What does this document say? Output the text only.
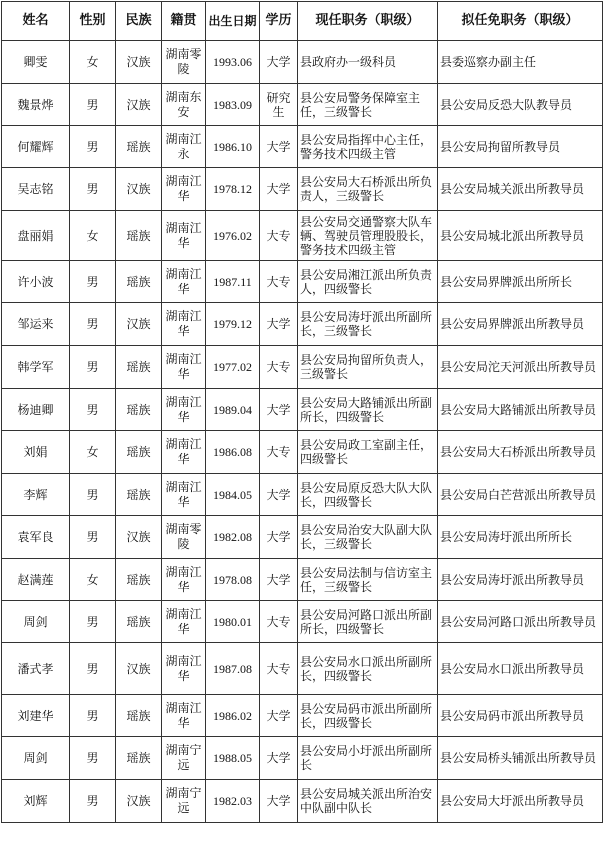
姓名	性别	民族	籍贯	出生日期	学历	现任职务（职级）	拟任免职务（职级）
卿雯	女	汉族	湖南零陵	1993.06	大学	县政府办一级科员	县委巡察办副主任
魏景烨	男	汉族	湖南东安	1983.09	研究生	县公安局警务保障室主任，三级警长	县公安局反恐大队教导员
何耀辉	男	瑶族	湖南江永	1986.10	大学	县公安局指挥中心主任，警务技术四级主管	县公安局拘留所教导员
吴志铭	男	汉族	湖南江华	1978.12	大学	县公安局大石桥派出所负责人，三级警长	县公安局城关派出所教导员
盘丽娟	女	瑶族	湖南江华	1976.02	大专	县公安局交通警察大队车辆、驾驶员管理股股长，警务技术四级主管	县公安局城北派出所教导员
许小波	男	瑶族	湖南江华	1987.11	大专	县公安局湘江派出所负责人，四级警长	县公安局界牌派出所所长
邹运来	男	汉族	湖南江华	1979.12	大学	县公安局涛圩派出所副所长，三级警长	县公安局界牌派出所教导员
韩学军	男	瑶族	湖南江华	1977.02	大专	县公安局拘留所负责人，三级警长	县公安局沱天河派出所教导员
杨迪卿	男	瑶族	湖南江华	1989.04	大学	县公安局大路铺派出所副所长，四级警长	县公安局大路铺派出所教导员
刘娟	女	瑶族	湖南江华	1986.08	大专	县公安局政工室副主任，四级警长	县公安局大石桥派出所教导员
李辉	男	瑶族	湖南江华	1984.05	大学	县公安局原反恐大队大队长，四级警长	县公安局白芒营派出所教导员
袁军良	男	汉族	湖南零陵	1982.08	大学	县公安局治安大队副大队长，三级警长	县公安局涛圩派出所所长
赵满莲	女	瑶族	湖南江华	1978.08	大学	县公安局法制与信访室主任，三级警长	县公安局涛圩派出所教导员
周剑	男	瑶族	湖南江华	1980.01	大专	县公安局河路口派出所副所长，四级警长	县公安局河路口派出所教导员
潘式孝	男	汉族	湖南江华	1987.08	大专	县公安局水口派出所副所长，四级警长	县公安局水口派出所教导员
刘建华	男	瑶族	湖南江华	1986.02	大学	县公安局码市派出所副所长，四级警长	县公安局码市派出所教导员
周剑	男	瑶族	湖南宁远	1988.05	大学	县公安局小圩派出所副所长	县公安局桥头铺派出所教导员
刘辉	男	汉族	湖南宁远	1982.03	大学	县公安局城关派出所治安中队副中队长	县公安局大圩派出所教导员
